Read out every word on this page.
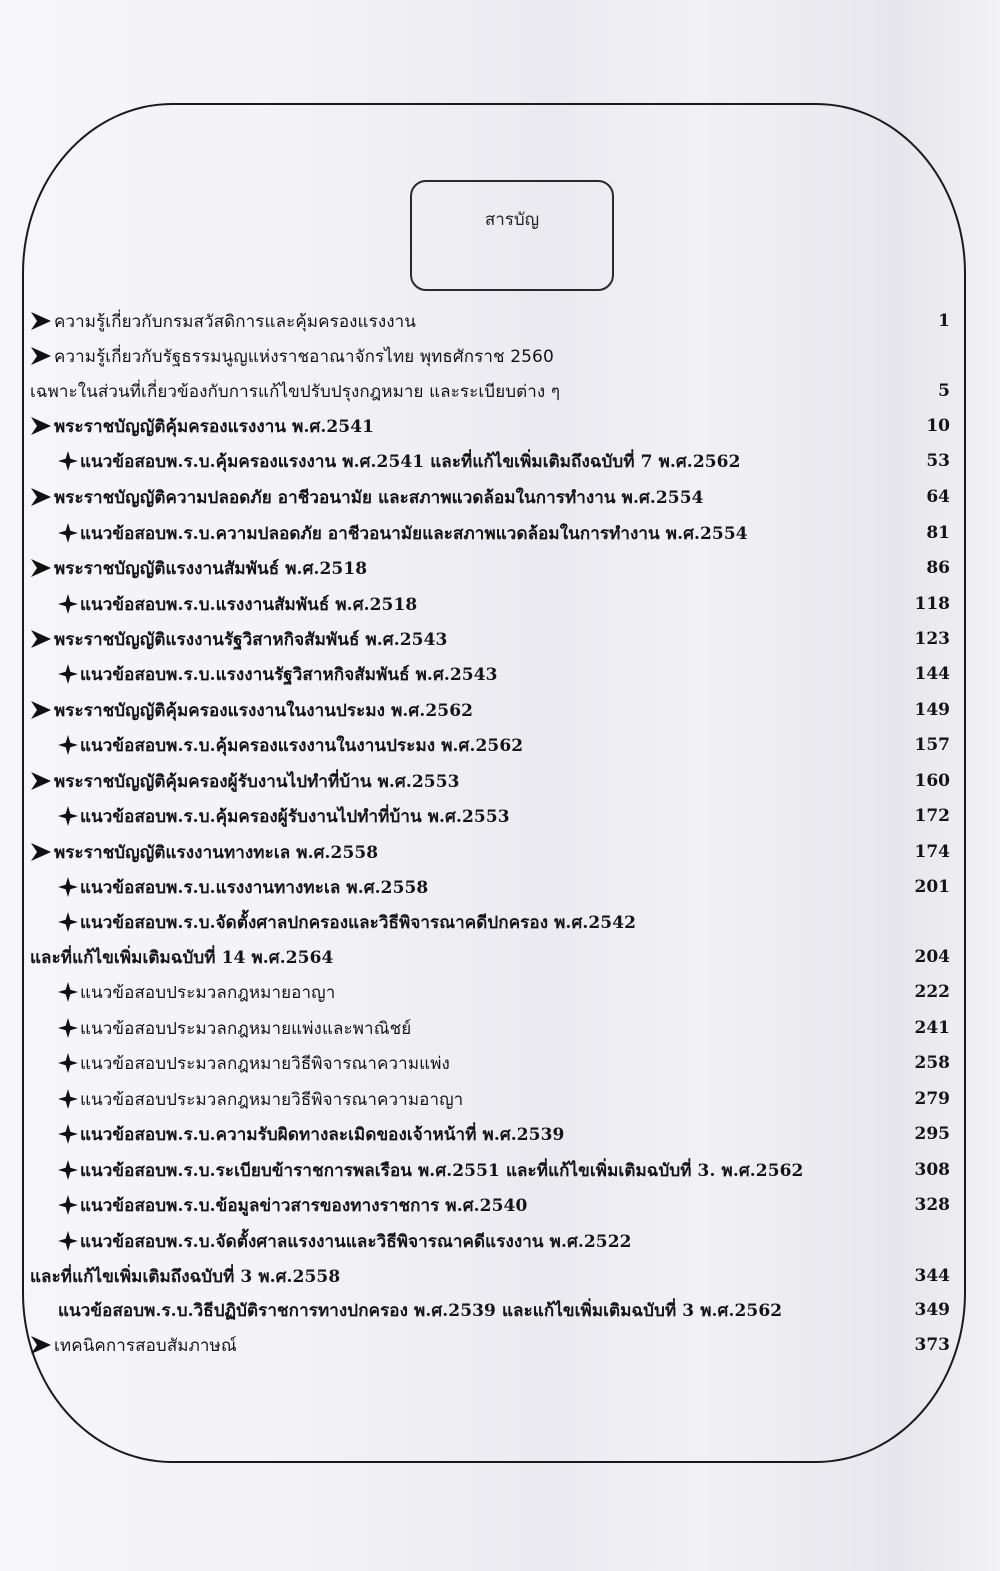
สารบัญ
ความรู้เกี่ยวกับกรมสวัสดิการและคุ้มครองแรงงาน	1
ความรู้เกี่ยวกับรัฐธรรมนูญแห่งราชอาณาจักรไทย พุทธศักราช 2560
เฉพาะในส่วนที่เกี่ยวข้องกับการแก้ไขปรับปรุงกฎหมาย และระเบียบต่าง ๆ	5
พระราชบัญญัติคุ้มครองแรงงาน พ.ศ.2541	10
แนวข้อสอบพ.ร.บ.คุ้มครองแรงงาน พ.ศ.2541 และที่แก้ไขเพิ่มเติมถึงฉบับที่ 7 พ.ศ.2562	53
พระราชบัญญัติความปลอดภัย อาชีวอนามัย และสภาพแวดล้อมในการทำงาน พ.ศ.2554	64
แนวข้อสอบพ.ร.บ.ความปลอดภัย อาชีวอนามัยและสภาพแวดล้อมในการทำงาน พ.ศ.2554	81
พระราชบัญญัติแรงงานสัมพันธ์ พ.ศ.2518	86
แนวข้อสอบพ.ร.บ.แรงงานสัมพันธ์ พ.ศ.2518	118
พระราชบัญญัติแรงงานรัฐวิสาหกิจสัมพันธ์ พ.ศ.2543	123
แนวข้อสอบพ.ร.บ.แรงงานรัฐวิสาหกิจสัมพันธ์ พ.ศ.2543	144
พระราชบัญญัติคุ้มครองแรงงานในงานประมง พ.ศ.2562	149
แนวข้อสอบพ.ร.บ.คุ้มครองแรงงานในงานประมง พ.ศ.2562	157
พระราชบัญญัติคุ้มครองผู้รับงานไปทำที่บ้าน พ.ศ.2553	160
แนวข้อสอบพ.ร.บ.คุ้มครองผู้รับงานไปทำที่บ้าน พ.ศ.2553	172
พระราชบัญญัติแรงงานทางทะเล พ.ศ.2558	174
แนวข้อสอบพ.ร.บ.แรงงานทางทะเล พ.ศ.2558	201
แนวข้อสอบพ.ร.บ.จัดตั้งศาลปกครองและวิธีพิจารณาคดีปกครอง พ.ศ.2542
และที่แก้ไขเพิ่มเติมฉบับที่ 14 พ.ศ.2564	204
แนวข้อสอบประมวลกฎหมายอาญา	222
แนวข้อสอบประมวลกฎหมายแพ่งและพาณิชย์	241
แนวข้อสอบประมวลกฎหมายวิธีพิจารณาความแพ่ง	258
แนวข้อสอบประมวลกฎหมายวิธีพิจารณาความอาญา	279
แนวข้อสอบพ.ร.บ.ความรับผิดทางละเมิดของเจ้าหน้าที่ พ.ศ.2539	295
แนวข้อสอบพ.ร.บ.ระเบียบข้าราชการพลเรือน พ.ศ.2551 และที่แก้ไขเพิ่มเติมฉบับที่ 3. พ.ศ.2562	308
แนวข้อสอบพ.ร.บ.ข้อมูลข่าวสารของทางราชการ พ.ศ.2540	328
แนวข้อสอบพ.ร.บ.จัดตั้งศาลแรงงานและวิธีพิจารณาคดีแรงงาน พ.ศ.2522
และที่แก้ไขเพิ่มเติมถึงฉบับที่ 3 พ.ศ.2558	344
แนวข้อสอบพ.ร.บ.วิธีปฏิบัติราชการทางปกครอง พ.ศ.2539 และแก้ไขเพิ่มเติมฉบับที่ 3 พ.ศ.2562	349
เทคนิคการสอบสัมภาษณ์	373
